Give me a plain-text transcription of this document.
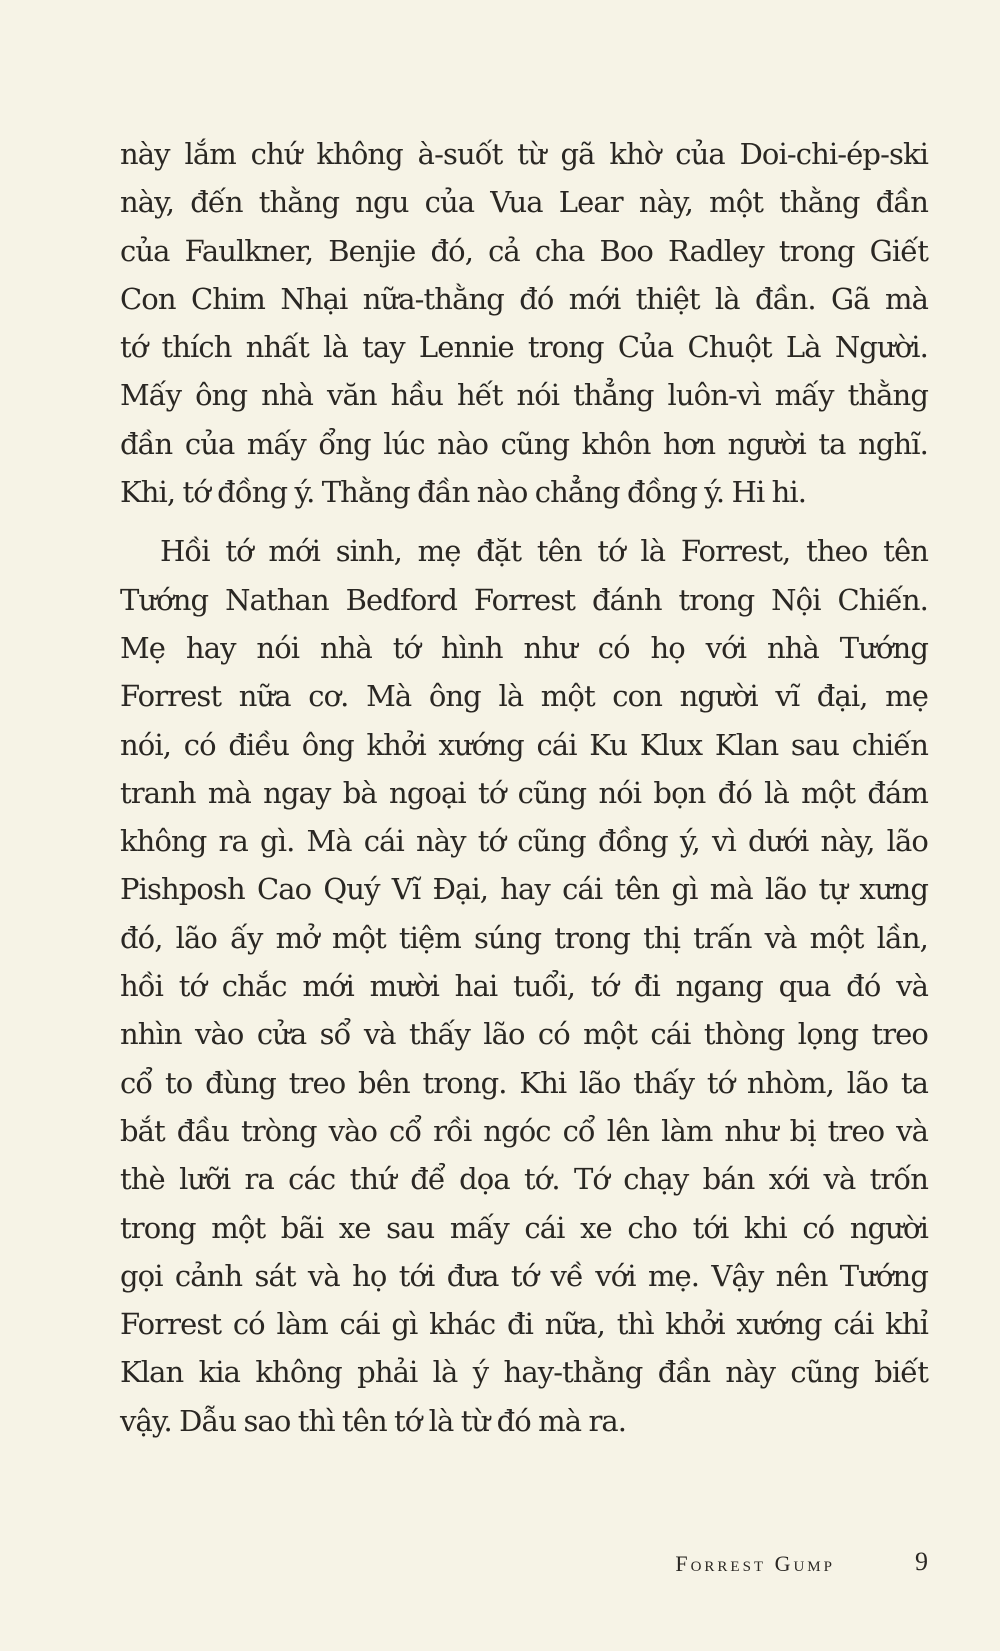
này lắm chứ không à-suốt từ gã khờ của Doi-chi-ép-ski
này, đến thằng ngu của Vua Lear này, một thằng đần
của Faulkner, Benjie đó, cả cha Boo Radley trong Giết
Con Chim Nhại nữa-thằng đó mới thiệt là đần. Gã mà
tớ thích nhất là tay Lennie trong Của Chuột Là Người.
Mấy ông nhà văn hầu hết nói thẳng luôn-vì mấy thằng
đần của mấy ổng lúc nào cũng khôn hơn người ta nghĩ.
Khi, tớ đồng ý. Thằng đần nào chẳng đồng ý. Hi hi.
Hồi tớ mới sinh, mẹ đặt tên tớ là Forrest, theo tên
Tướng Nathan Bedford Forrest đánh trong Nội Chiến.
Mẹ hay nói nhà tớ hình như có họ với nhà Tướng
Forrest nữa cơ. Mà ông là một con người vĩ đại, mẹ
nói, có điều ông khởi xướng cái Ku Klux Klan sau chiến
tranh mà ngay bà ngoại tớ cũng nói bọn đó là một đám
không ra gì. Mà cái này tớ cũng đồng ý, vì dưới này, lão
Pishposh Cao Quý Vĩ Đại, hay cái tên gì mà lão tự xưng
đó, lão ấy mở một tiệm súng trong thị trấn và một lần,
hồi tớ chắc mới mười hai tuổi, tớ đi ngang qua đó và
nhìn vào cửa sổ và thấy lão có một cái thòng lọng treo
cổ to đùng treo bên trong. Khi lão thấy tớ nhòm, lão ta
bắt đầu tròng vào cổ rồi ngóc cổ lên làm như bị treo và
thè lưỡi ra các thứ để dọa tớ. Tớ chạy bán xới và trốn
trong một bãi xe sau mấy cái xe cho tới khi có người
gọi cảnh sát và họ tới đưa tớ về với mẹ. Vậy nên Tướng
Forrest có làm cái gì khác đi nữa, thì khởi xướng cái khỉ
Klan kia không phải là ý hay-thằng đần này cũng biết
vậy. Dẫu sao thì tên tớ là từ đó mà ra.
Forrest Gump	9
